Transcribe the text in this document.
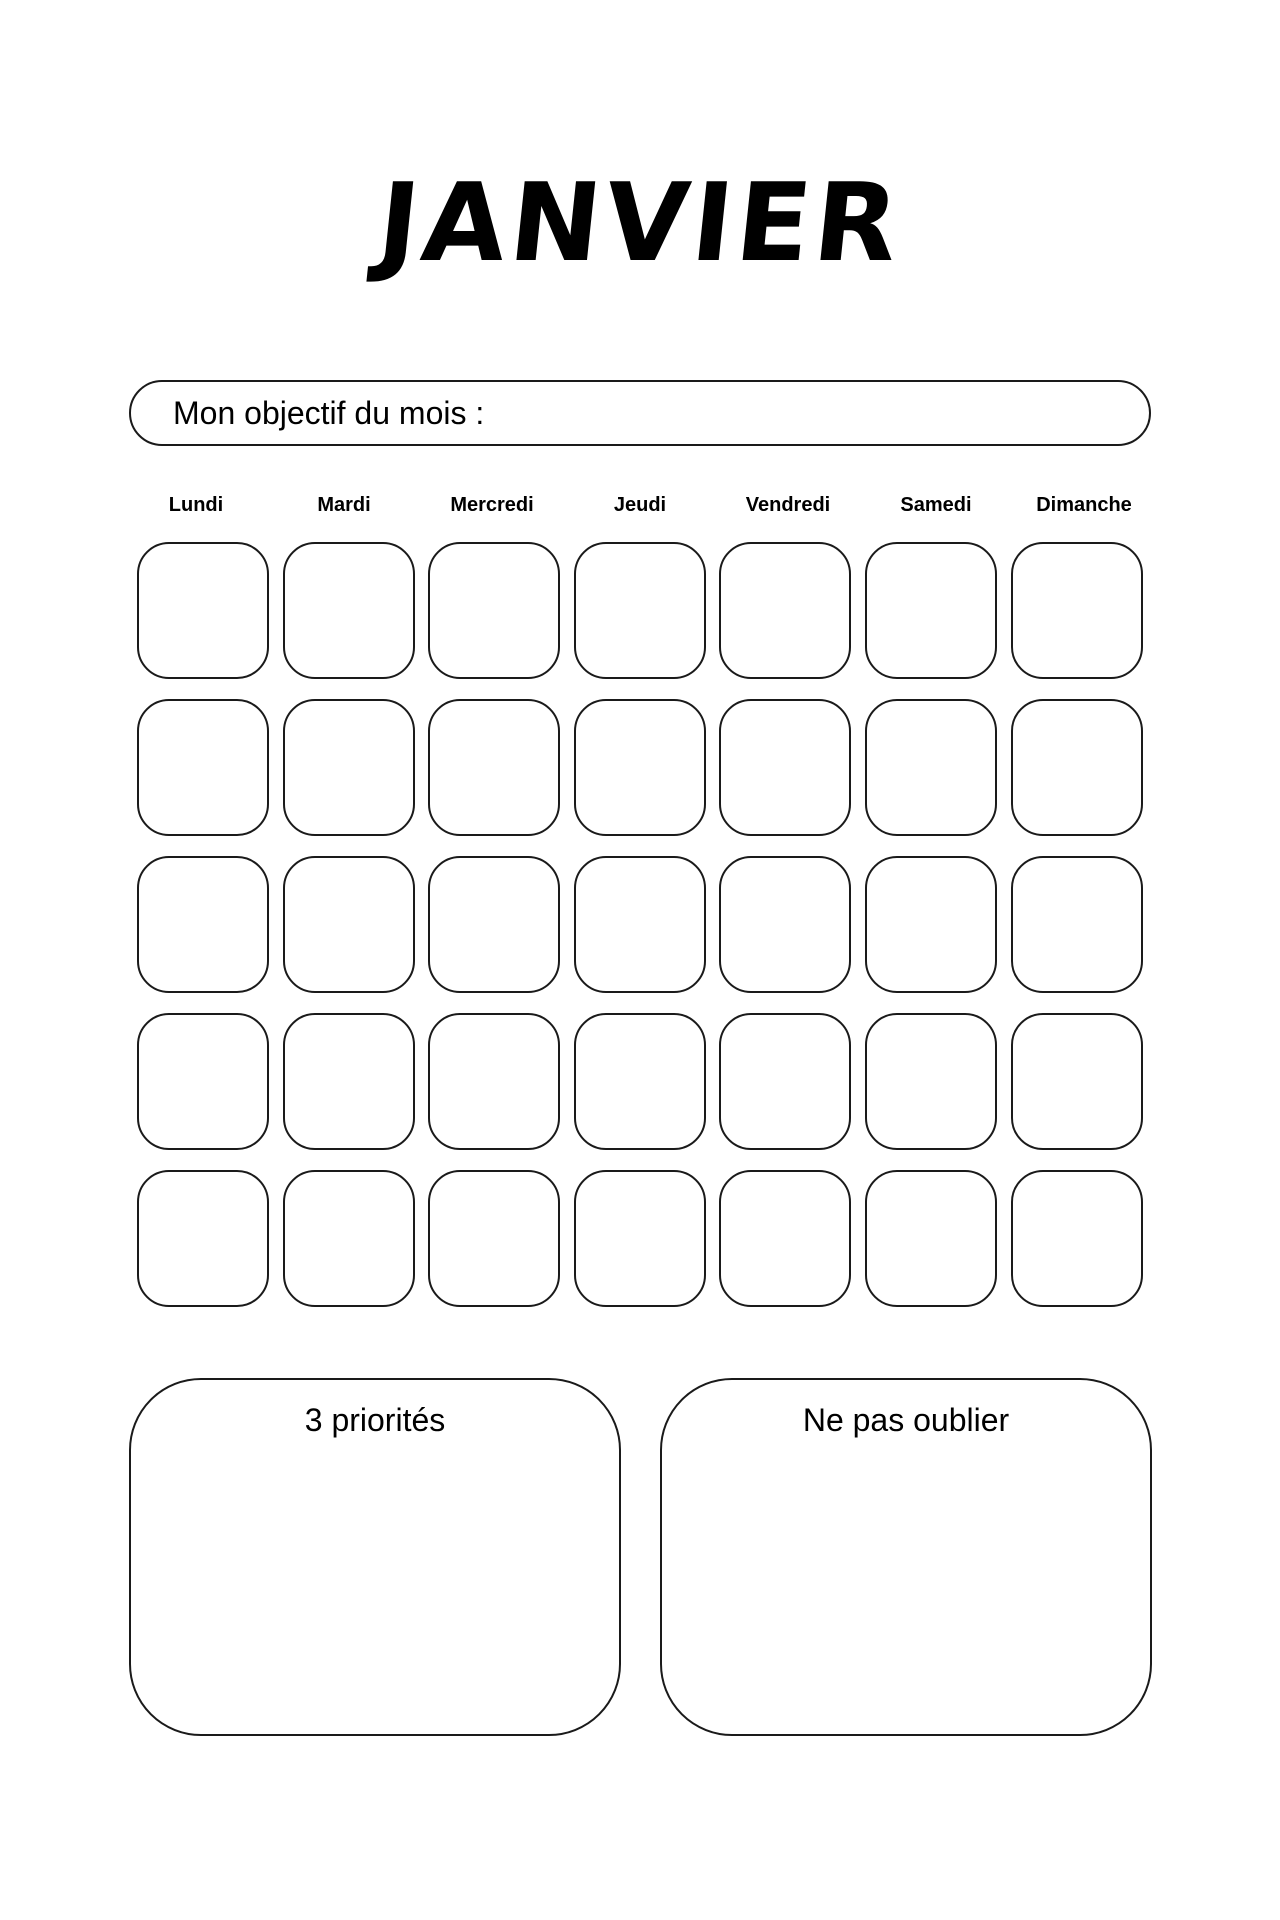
JANVIER
Mon objectif du mois :
Lundi	Mardi	Mercredi	Jeudi	Vendredi	Samedi	Dimanche
3 priorités	Ne pas oublier
